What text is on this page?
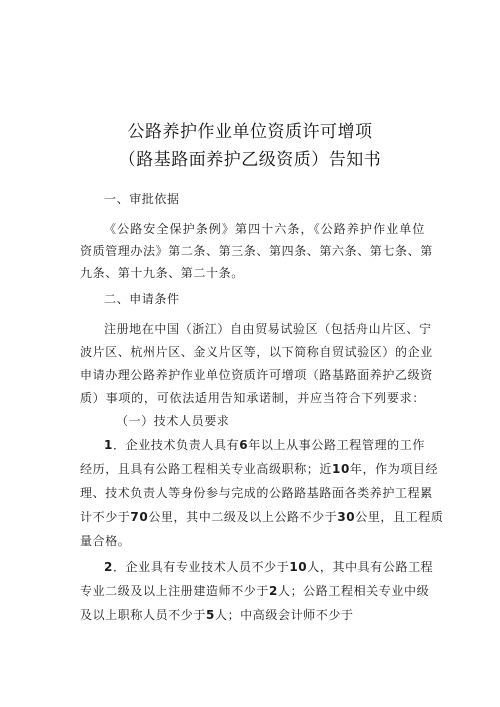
公路养护作业单位资质许可增项
（路基路面养护乙级资质）告知书
一、审批依据
《公路安全保护条例》第四十六条，《公路养护作业单位
资质管理办法》第二条、第三条、第四条、第六条、第七条、第
九条、第十九条、第二十条。
二、申请条件
注册地在中国（浙江）自由贸易试验区（包括舟山片区、宁
波片区、杭州片区、金义片区等，以下简称自贸试验区）的企业
申请办理公路养护作业单位资质许可增项（路基路面养护乙级资
质）事项的，可依法适用告知承诺制，并应当符合下列要求：
（一）技术人员要求
1．企业技术负责人具有6年以上从事公路工程管理的工作
经历，且具有公路工程相关专业高级职称；近10年，作为项目经
理、技术负责人等身份参与完成的公路路基路面各类养护工程累
计不少于70公里，其中二级及以上公路不少于30公里，且工程质
量合格。
2．企业具有专业技术人员不少于10人，其中具有公路工程
专业二级及以上注册建造师不少于2人；公路工程相关专业中级
及以上职称人员不少于5人；中高级会计师不少于
